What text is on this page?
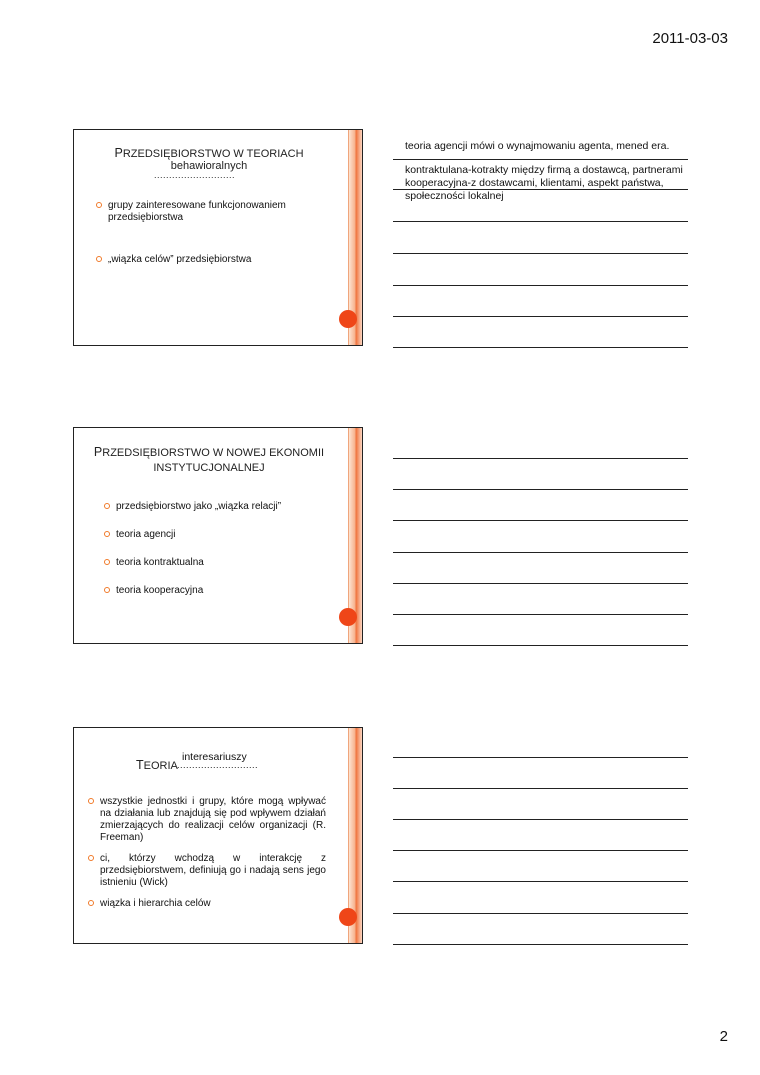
2011-03-03
PRZEDSIĘBIORSTWO W TEORIACH
behawioralnych
...........................
grupy zainteresowane funkcjonowaniem przedsiębiorstwa
„wiązka celów” przedsiębiorstwa
PRZEDSIĘBIORSTWO W NOWEJ EKONOMII
INSTYTUCJONALNEJ
przedsiębiorstwo jako „wiązka relacji”
teoria agencji
teoria kontraktualna
teoria kooperacyjna
interesariuszy
TEORIA ...........................
wszystkie jednostki i grupy, które mogą wpływać na działania lub znajdują się pod wpływem działań zmierzających do realizacji celów organizacji (R. Freeman)
ci, którzy wchodzą w interakcję z przedsiębiorstwem, definiują go i nadają sens jego istnieniu (Wick)
wiązka i hierarchia celów
teoria agencji mówi o wynajmowaniu agenta, mened era.
kontraktulana-kotrakty między firmą a dostawcą, partnerami
kooperacyjna-z dostawcami, klientami, aspekt państwa, społeczności lokalnej
2
